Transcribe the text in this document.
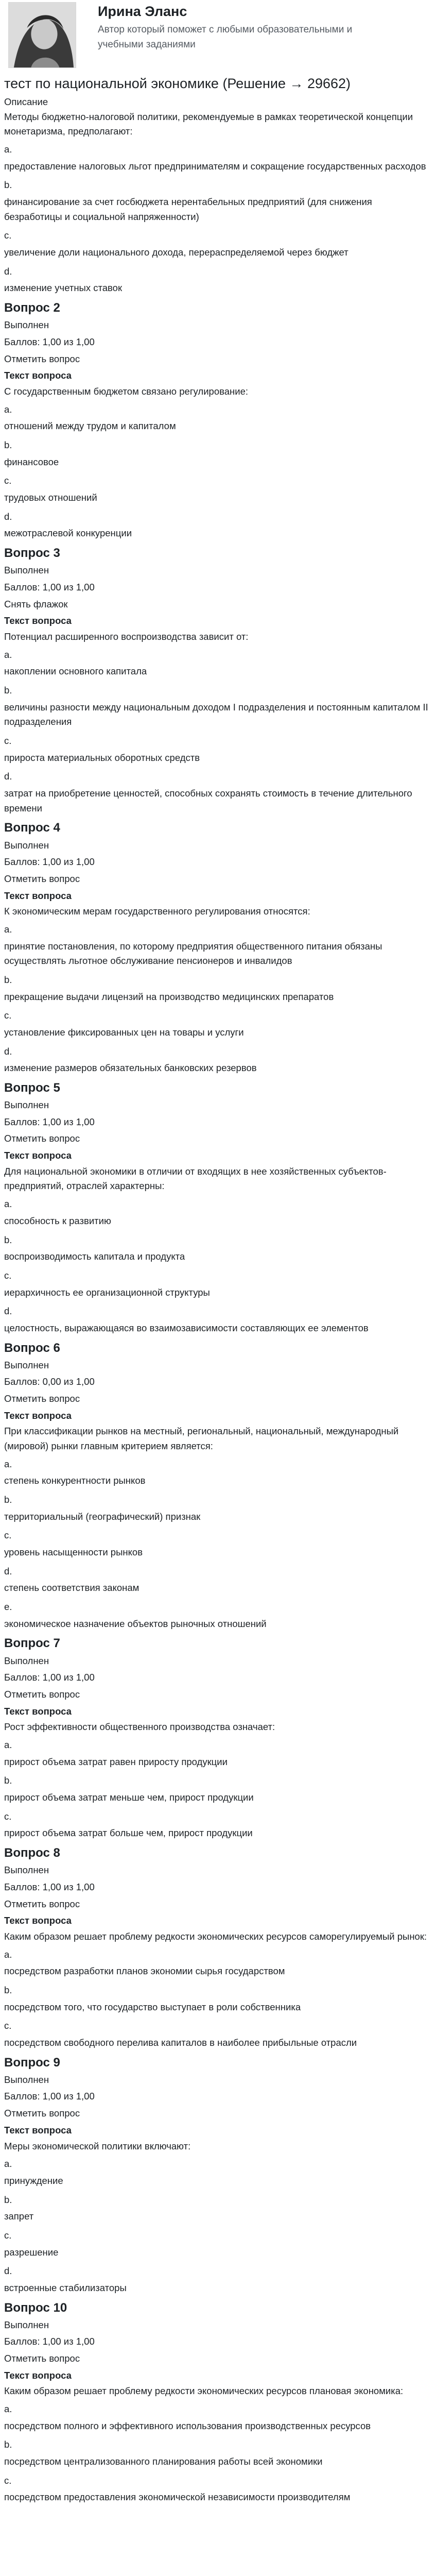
Ирина Эланс
Автор который поможет с любыми образовательными и учебными заданиями
тест по национальной экономике (Решение → 29662)
Описание
Методы бюджетно-налоговой политики, рекомендуемые в рамках теоретической концепции монетаризма, предполагают:
a.
предоставление налоговых льгот предпринимателям и сокращение государственных расходов
b.
финансирование за счет госбюджета нерентабельных предприятий (для снижения безработицы и социальной напряженности)
c.
увеличение доли национального дохода, перераспределяемой через бюджет
d.
изменение учетных ставок
Вопрос 2
Выполнен
Баллов: 1,00 из 1,00
Отметить вопрос
Текст вопроса
С государственным бюджетом связано регулирование:
a.
отношений между трудом и капиталом
b.
финансовое
c.
трудовых отношений
d.
межотраслевой конкуренции
Вопрос 3
Выполнен
Баллов: 1,00 из 1,00
Снять флажок
Текст вопроса
Потенциал расширенного воспроизводства зависит от:
a.
накоплении основного капитала
b.
величины разности между национальным доходом I подразделения и постоянным капиталом II подразделения
c.
прироста материальных оборотных средств
d.
затрат на приобретение ценностей, способных сохранять стоимость в течение длительного времени
Вопрос 4
Выполнен
Баллов: 1,00 из 1,00
Отметить вопрос
Текст вопроса
К экономическим мерам государственного регулирования относятся:
a.
принятие постановления, по которому предприятия общественного питания обязаны осуществлять льготное обслуживание пенсионеров и инвалидов
b.
прекращение выдачи лицензий на производство медицинских препаратов
c.
установление фиксированных цен на товары и услуги
d.
изменение размеров обязательных банковских резервов
Вопрос 5
Выполнен
Баллов: 1,00 из 1,00
Отметить вопрос
Текст вопроса
Для национальной экономики в отличии от входящих в нее хозяйственных субъектов-предприятий, отраслей характерны:
a.
способность к развитию
b.
воспроизводимость капитала и продукта
c.
иерархичность ее организационной структуры
d.
целостность, выражающаяся во взаимозависимости составляющих ее элементов
Вопрос 6
Выполнен
Баллов: 0,00 из 1,00
Отметить вопрос
Текст вопроса
При классификации рынков на местный, региональный, национальный, международный (мировой) рынки главным критерием является:
a.
степень конкурентности рынков
b.
территориальный (географический) признак
c.
уровень насыщенности рынков
d.
степень соответствия законам
e.
экономическое назначение объектов рыночных отношений
Вопрос 7
Выполнен
Баллов: 1,00 из 1,00
Отметить вопрос
Текст вопроса
Рост эффективности общественного производства означает:
a.
прирост объема затрат равен приросту продукции
b.
прирост объема затрат меньше чем, прирост продукции
c.
прирост объема затрат больше чем, прирост продукции
Вопрос 8
Выполнен
Баллов: 1,00 из 1,00
Отметить вопрос
Текст вопроса
Каким образом решает проблему редкости экономических ресурсов саморегулируемый рынок:
a.
посредством разработки планов экономии сырья государством
b.
посредством того, что государство выступает в роли собственника
c.
посредством свободного перелива капиталов в наиболее прибыльные отрасли
Вопрос 9
Выполнен
Баллов: 1,00 из 1,00
Отметить вопрос
Текст вопроса
Меры экономической политики включают:
a.
принуждение
b.
запрет
c.
разрешение
d.
встроенные стабилизаторы
Вопрос 10
Выполнен
Баллов: 1,00 из 1,00
Отметить вопрос
Текст вопроса
Каким образом решает проблему редкости экономических ресурсов плановая экономика:
a.
посредством полного и эффективного использования производственных ресурсов
b.
посредством централизованного планирования работы всей экономики
c.
посредством предоставления экономической независимости производителям
